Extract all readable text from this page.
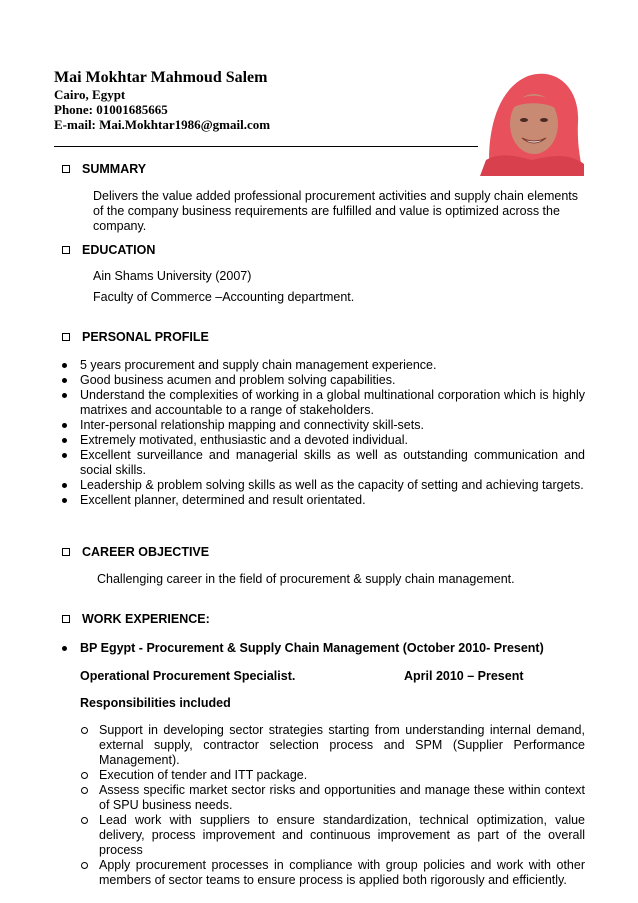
Mai Mokhtar Mahmoud Salem
Cairo, Egypt
Phone: 01001685665
E-mail: Mai.Mokhtar1986@gmail.com
SUMMARY
Delivers the value added professional procurement activities and supply chain elements of the company business requirements are fulfilled and value is optimized across the company.
EDUCATION
Ain Shams University (2007)
Faculty of Commerce –Accounting department.
PERSONAL PROFILE
5 years procurement and supply chain management experience.
Good business acumen and problem solving capabilities.
Understand the complexities of working in a global multinational corporation which is highly matrixes and accountable to a range of stakeholders.
Inter-personal relationship mapping and connectivity skill-sets.
Extremely motivated, enthusiastic and a devoted individual.
Excellent surveillance and managerial skills as well as outstanding communication and social skills.
Leadership & problem solving skills as well as the capacity of setting and achieving targets.
Excellent planner, determined and result orientated.
CAREER OBJECTIVE
Challenging career in the field of procurement & supply chain management.
WORK EXPERIENCE:
BP Egypt - Procurement & Supply Chain Management (October 2010- Present)
Operational Procurement Specialist.	April 2010 – Present
Responsibilities included
Support in developing sector strategies starting from understanding internal demand, external supply, contractor selection process and SPM (Supplier Performance Management).
Execution of tender and ITT package.
Assess specific market sector risks and opportunities and manage these within context of SPU business needs.
Lead work with suppliers to ensure standardization, technical optimization, value delivery, process improvement and continuous improvement as part of the overall process
Apply procurement processes in compliance with group policies and work with other members of sector teams to ensure process is applied both rigorously and efficiently.
